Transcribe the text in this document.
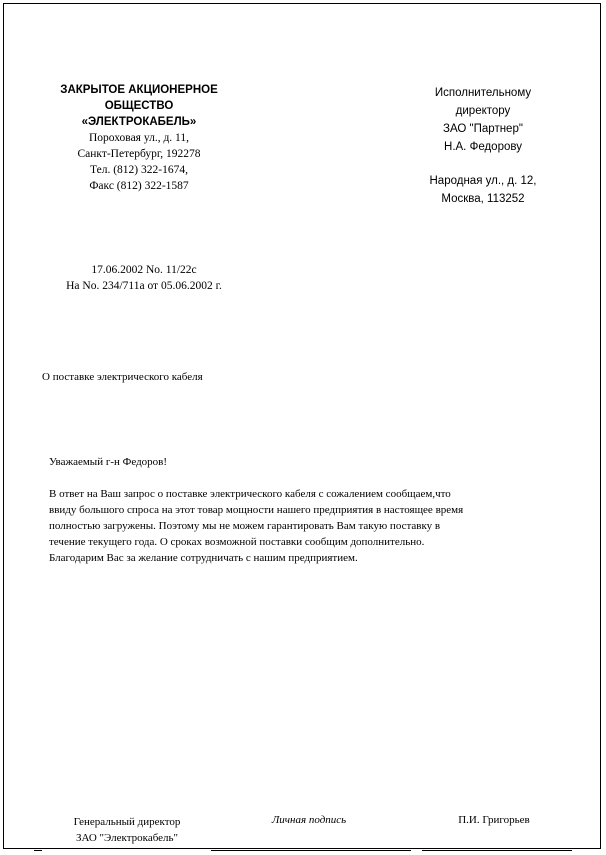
ЗАКРЫТОЕ АКЦИОНЕРНОЕ
ОБЩЕСТВО
«ЭЛЕКТРОКАБЕЛЬ»
Пороховая ул., д. 11,
Санкт-Петербург, 192278
Тел. (812) 322-1674,
Факс (812) 322-1587
Исполнительному
директору
ЗАО "Партнер"
Н.А. Федорову
Народная ул., д. 12,
Москва, 113252
17.06.2002 No. 11/22с
На No. 234/711а от 05.06.2002 г.
О поставке электрического кабеля

Уважаемый г-н Федоров!

В ответ на Ваш запрос о поставке электрического кабеля с сожалением сообщаем,что

ввиду большого спроса на этот товар мощности нашего предприятия в настоящее время

полностью загружены. Поэтому мы не можем гарантировать Вам такую поставку в

течение текущего года. О сроках возможной поставки сообщим дополнительно.

Благодарим Вас за желание сотрудничать с нашим предприятием.

Генеральный директор
ЗАО "Электрокабель"
Личная подпись	П.И. Григорьев
